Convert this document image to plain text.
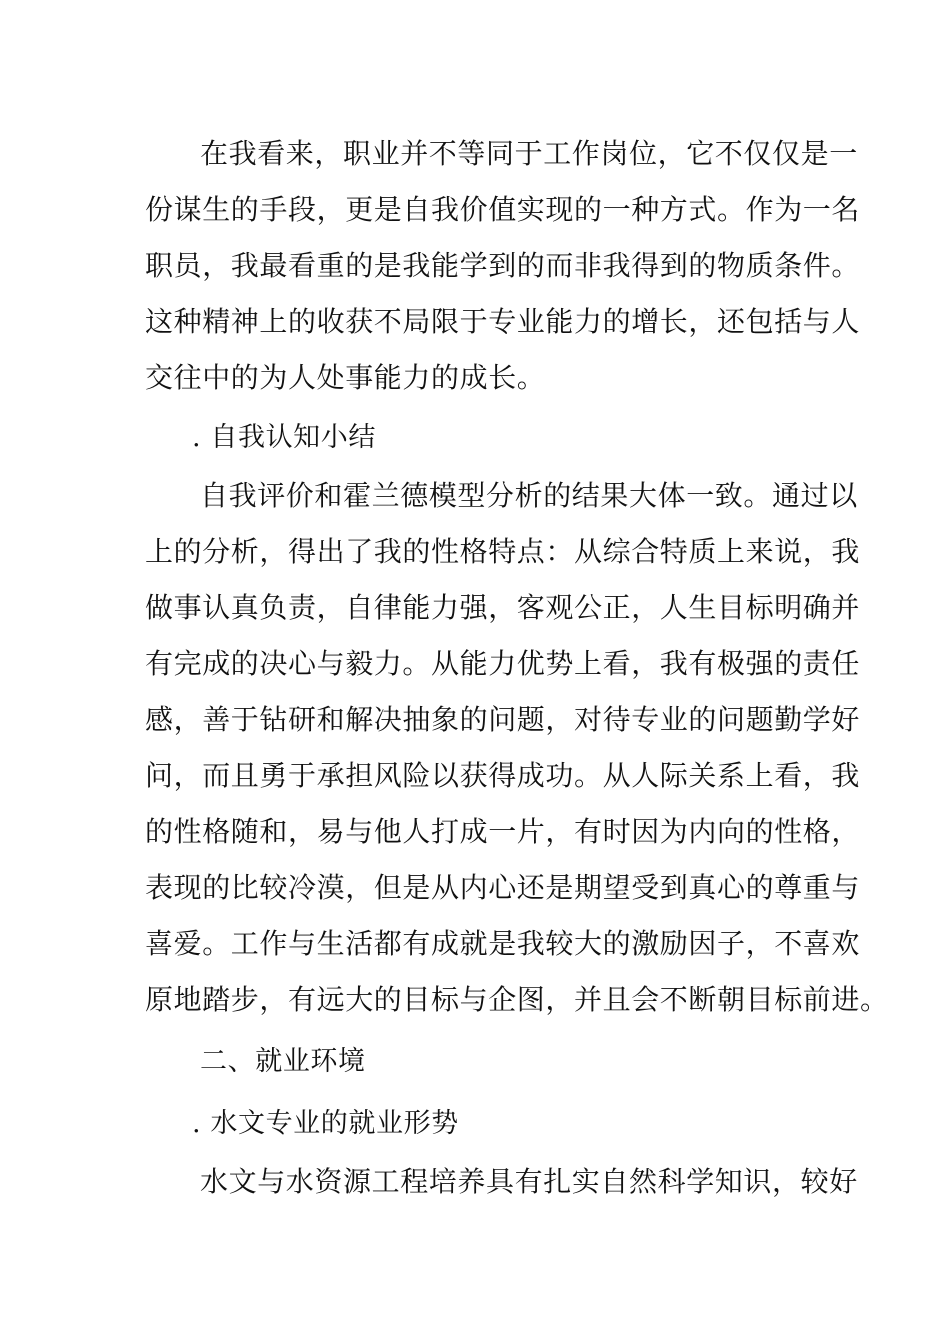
在我看来，职业并不等同于工作岗位，它不仅仅是一
份谋生的手段，更是自我价值实现的一种方式。作为一名
职员，我最看重的是我能学到的而非我得到的物质条件。
这种精神上的收获不局限于专业能力的增长，还包括与人
交往中的为人处事能力的成长。
. 自我认知小结
自我评价和霍兰德模型分析的结果大体一致。通过以
上的分析，得出了我的性格特点：从综合特质上来说，我
做事认真负责，自律能力强，客观公正，人生目标明确并
有完成的决心与毅力。从能力优势上看，我有极强的责任
感，善于钻研和解决抽象的问题，对待专业的问题勤学好
问，而且勇于承担风险以获得成功。从人际关系上看，我
的性格随和，易与他人打成一片，有时因为内向的性格，
表现的比较冷漠，但是从内心还是期望受到真心的尊重与
喜爱。工作与生活都有成就是我较大的激励因子，不喜欢
原地踏步，有远大的目标与企图，并且会不断朝目标前进。
二、就业环境
. 水文专业的就业形势
水文与水资源工程培养具有扎实自然科学知识，较好
